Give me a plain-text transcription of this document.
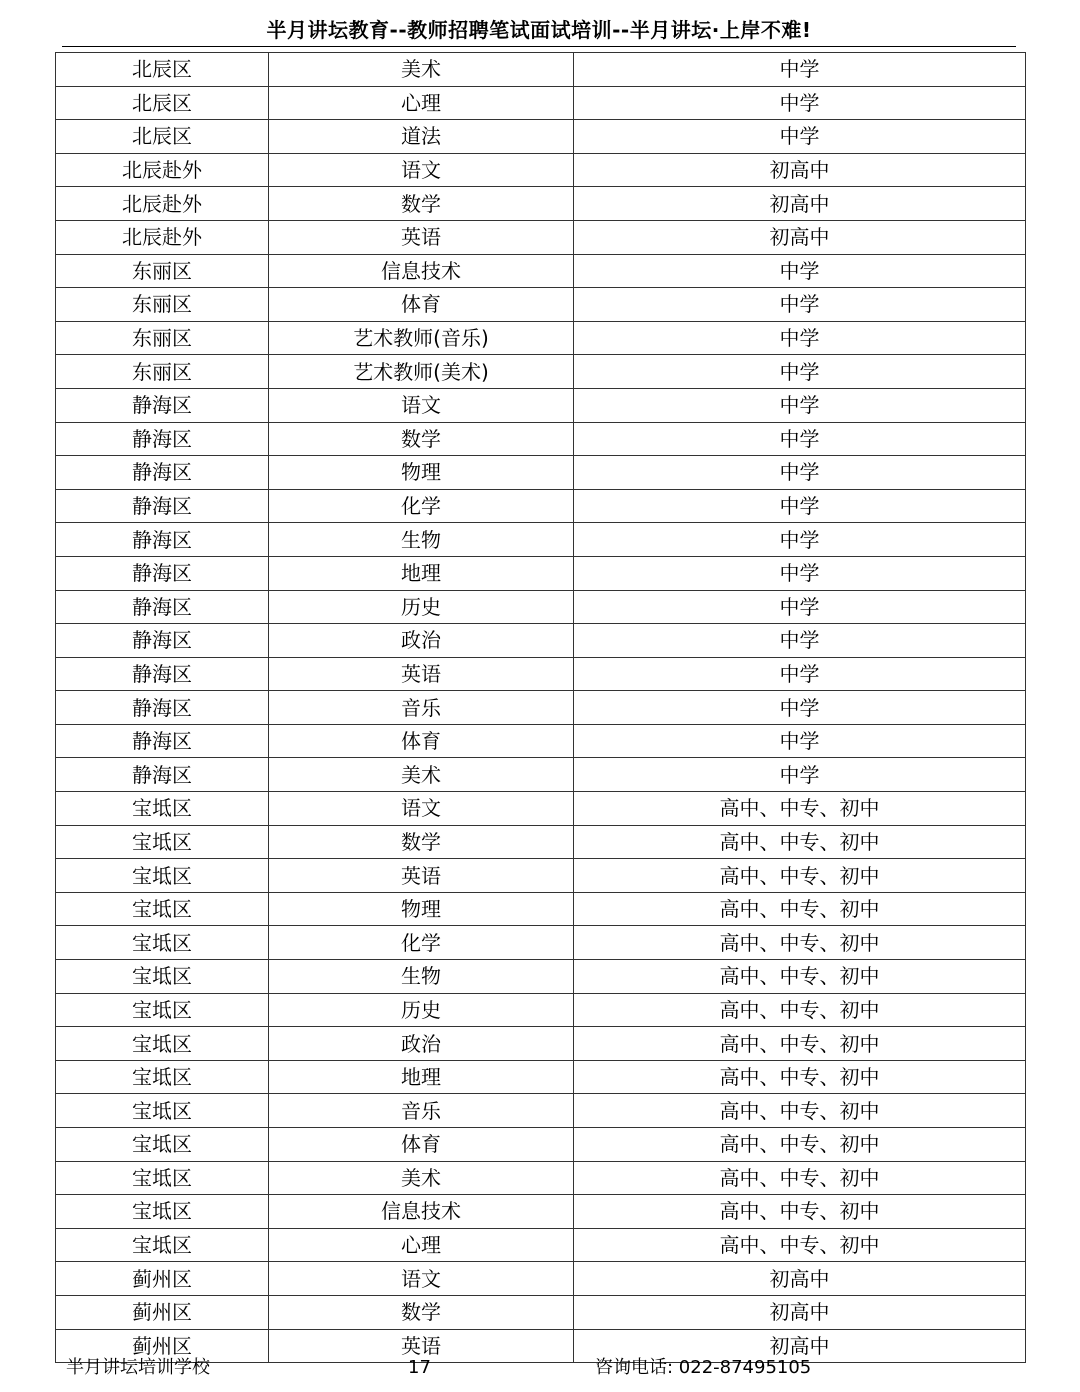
半月讲坛教育--教师招聘笔试面试培训--半月讲坛·上岸不难!
北辰区	美术	中学
北辰区	心理	中学
北辰区	道法	中学
北辰赴外	语文	初高中
北辰赴外	数学	初高中
北辰赴外	英语	初高中
东丽区	信息技术	中学
东丽区	体育	中学
东丽区	艺术教师(音乐)	中学
东丽区	艺术教师(美术)	中学
静海区	语文	中学
静海区	数学	中学
静海区	物理	中学
静海区	化学	中学
静海区	生物	中学
静海区	地理	中学
静海区	历史	中学
静海区	政治	中学
静海区	英语	中学
静海区	音乐	中学
静海区	体育	中学
静海区	美术	中学
宝坻区	语文	高中、中专、初中
宝坻区	数学	高中、中专、初中
宝坻区	英语	高中、中专、初中
宝坻区	物理	高中、中专、初中
宝坻区	化学	高中、中专、初中
宝坻区	生物	高中、中专、初中
宝坻区	历史	高中、中专、初中
宝坻区	政治	高中、中专、初中
宝坻区	地理	高中、中专、初中
宝坻区	音乐	高中、中专、初中
宝坻区	体育	高中、中专、初中
宝坻区	美术	高中、中专、初中
宝坻区	信息技术	高中、中专、初中
宝坻区	心理	高中、中专、初中
蓟州区	语文	初高中
蓟州区	数学	初高中
蓟州区	英语	初高中
半月讲坛培训学校	17	咨询电话: 022-87495105
